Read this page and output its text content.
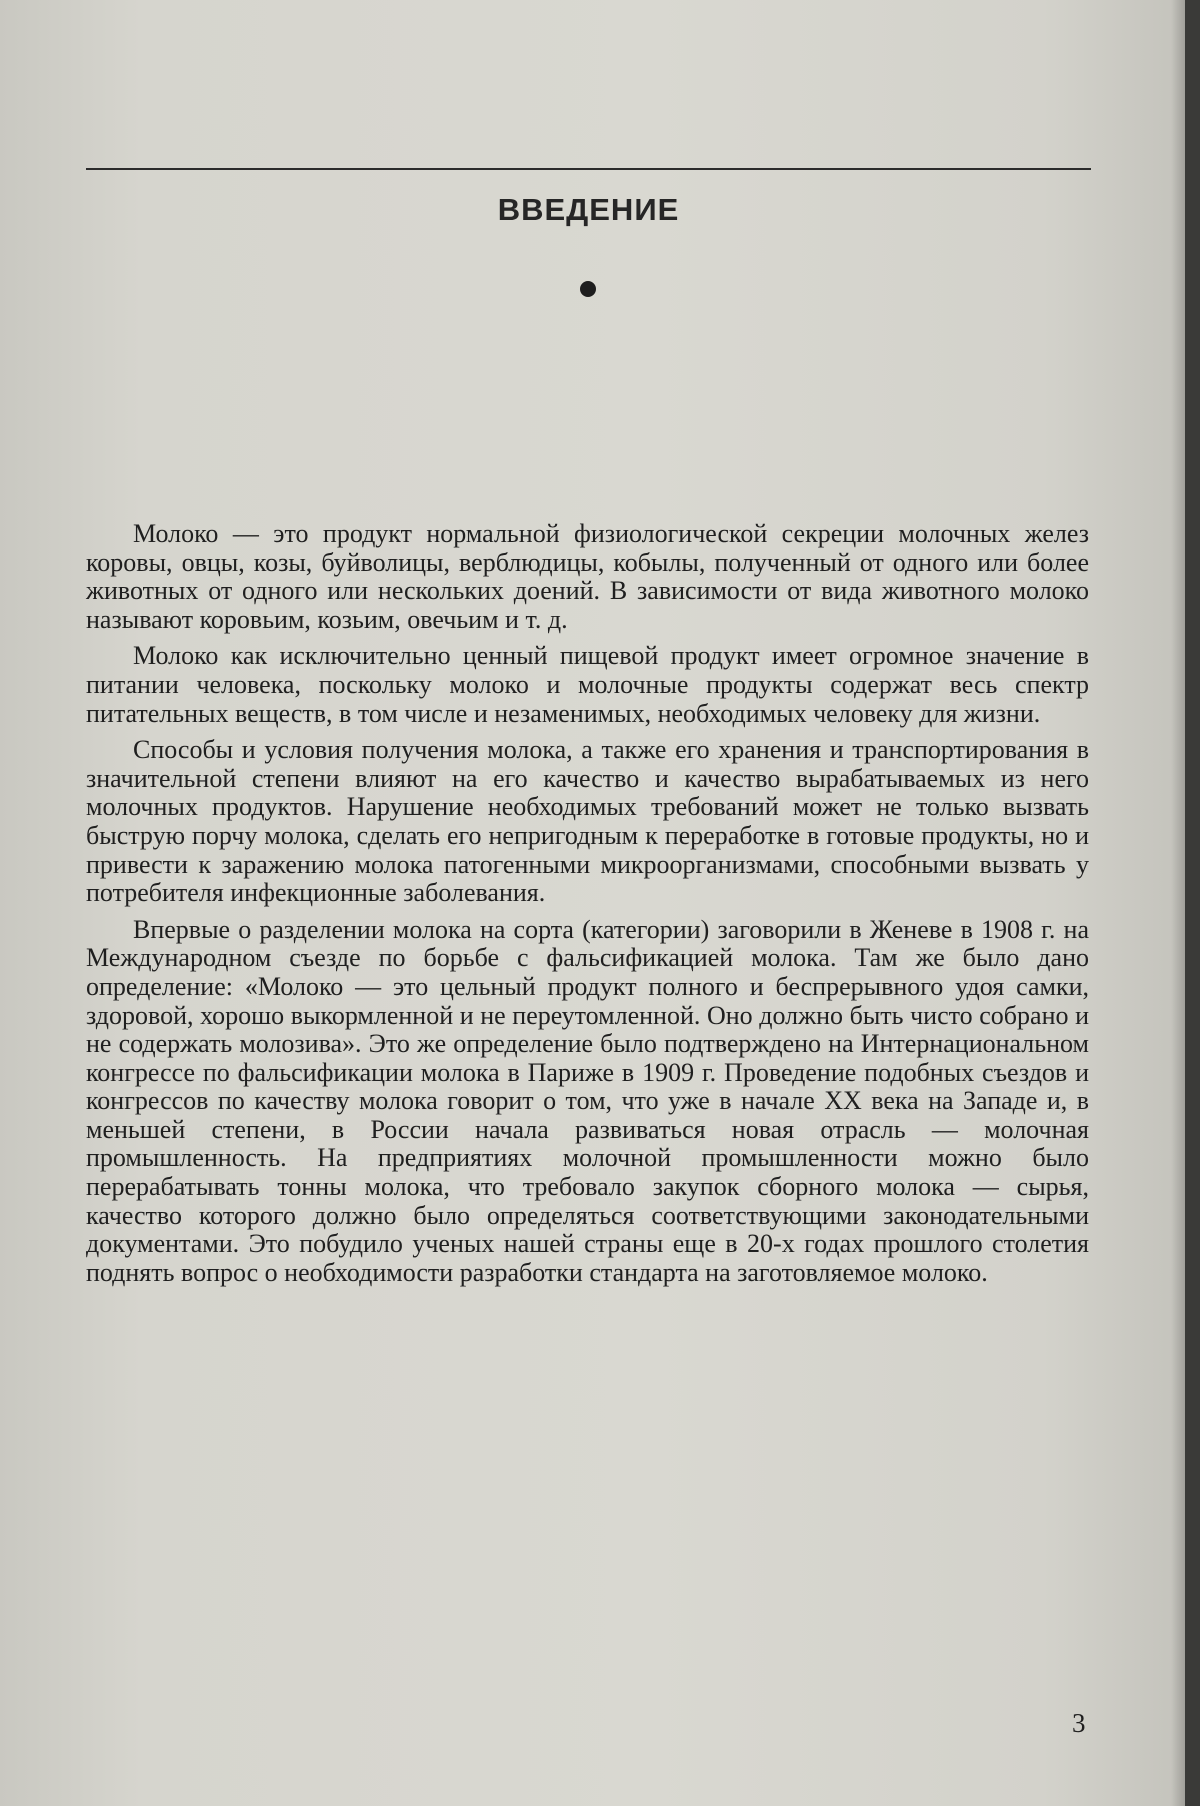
ВВЕДЕНИЕ

Молоко — это продукт нормальной физиологической секреции молочных желез коровы, овцы, козы, буйволицы, верблюдицы, кобылы, полученный от одного или более животных от одного или нескольких доений. В зависимости от вида животного молоко называют коровьим, козьим, овечьим и т. д.

Молоко как исключительно ценный пищевой продукт имеет огромное значение в питании человека, поскольку молоко и молочные продукты содержат весь спектр питательных веществ, в том числе и незаменимых, необходимых человеку для жизни.

Способы и условия получения молока, а также его хранения и транспортирования в значительной степени влияют на его качество и качество вырабатываемых из него молочных продуктов. Нарушение необходимых требований может не только вызвать быструю порчу молока, сделать его непригодным к переработке в готовые продукты, но и привести к заражению молока патогенными микроорганизмами, способными вызвать у потребителя инфекционные заболевания.

Впервые о разделении молока на сорта (категории) заговорили в Женеве в 1908 г. на Международном съезде по борьбе с фальсификацией молока. Там же было дано определение: «Молоко — это цельный продукт полного и беспрерывного удоя самки, здоровой, хорошо выкормленной и не переутомленной. Оно должно быть чисто собрано и не содержать молозива». Это же определение было подтверждено на Интернациональном конгрессе по фальсификации молока в Париже в 1909 г. Проведение подобных съездов и конгрессов по качеству молока говорит о том, что уже в начале XX века на Западе и, в меньшей степени, в России начала развиваться новая отрасль — молочная промышленность. На предприятиях молочной промышленности можно было перерабатывать тонны молока, что требовало закупок сборного молока — сырья, качество которого должно было определяться соответствующими законодательными документами. Это побудило ученых нашей страны еще в 20-х годах прошлого столетия поднять вопрос о необходимости разработки стандарта на заготовляемое молоко.

3
